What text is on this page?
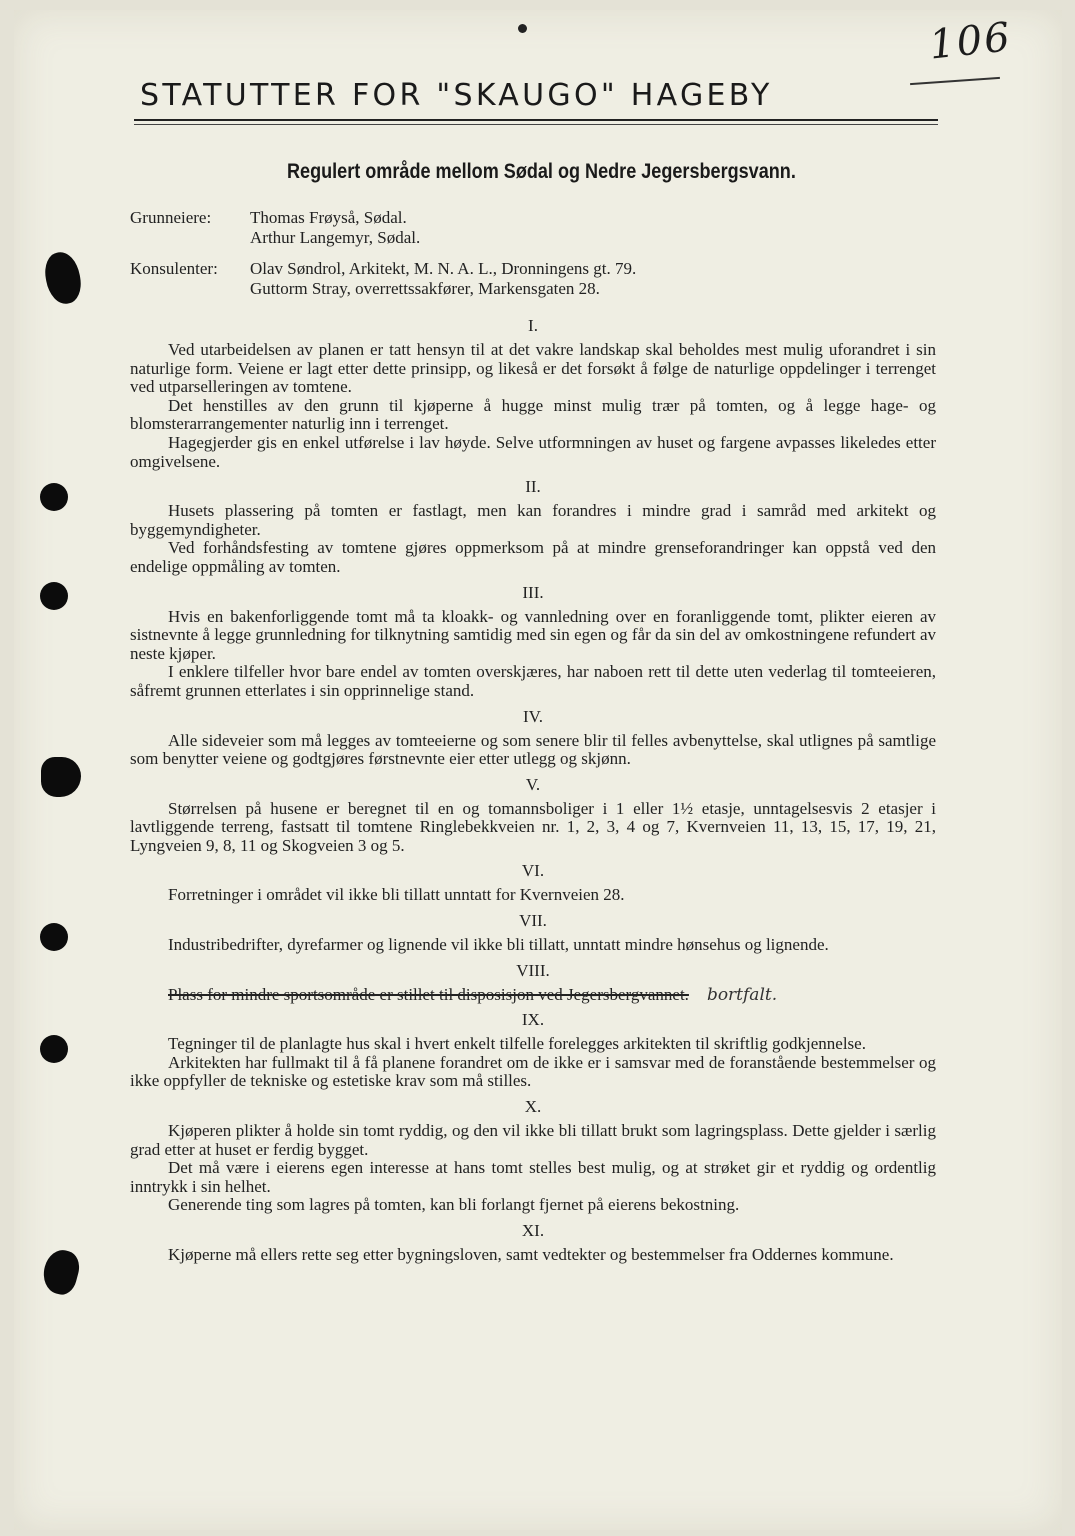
106
STATUTTER FOR "SKAUGO" HAGEBY
Regulert område mellom Sødal og Nedre Jegersbergsvann.
Grunneiere: Thomas Frøyså, Sødal.
Arthur Langemyr, Sødal.
Konsulenter: Olav Søndrol, Arkitekt, M. N. A. L., Dronningens gt. 79.
Guttorm Stray, overrettssakfører, Markensgaten 28.
I.

Ved utarbeidelsen av planen er tatt hensyn til at det vakre landskap skal beholdes mest mulig uforandret i sin naturlige form. Veiene er lagt etter dette prinsipp, og likeså er det forsøkt å følge de naturlige oppdelinger i terrenget ved utparselleringen av tomtene.

Det henstilles av den grunn til kjøperne å hugge minst mulig trær på tomten, og å legge hage- og blomsterarrangementer naturlig inn i terrenget.

Hagegjerder gis en enkel utførelse i lav høyde. Selve utformningen av huset og fargene avpasses likeledes etter omgivelsene.

II.

Husets plassering på tomten er fastlagt, men kan forandres i mindre grad i samråd med arkitekt og byggemyndigheter.

Ved forhåndsfesting av tomtene gjøres oppmerksom på at mindre grenseforandringer kan oppstå ved den endelige oppmåling av tomten.

III.

Hvis en bakenforliggende tomt må ta kloakk- og vannledning over en foranliggende tomt, plikter eieren av sistnevnte å legge grunnledning for tilknytning samtidig med sin egen og får da sin del av omkostningene refundert av neste kjøper.

I enklere tilfeller hvor bare endel av tomten overskjæres, har naboen rett til dette uten vederlag til tomteeieren, såfremt grunnen etterlates i sin opprinnelige stand.

IV.

Alle sideveier som må legges av tomteeierne og som senere blir til felles avbenyttelse, skal utlignes på samtlige som benytter veiene og godtgjøres førstnevnte eier etter utlegg og skjønn.

V.

Størrelsen på husene er beregnet til en og tomannsboliger i 1 eller 1½ etasje, unntagelsesvis 2 etasjer i lavtliggende terreng, fastsatt til tomtene Ringlebekkveien nr. 1, 2, 3, 4 og 7, Kvernveien 11, 13, 15, 17, 19, 21, Lyngveien 9, 8, 11 og Skogveien 3 og 5.

VI.

Forretninger i området vil ikke bli tillatt unntatt for Kvernveien 28.

VII.

Industribedrifter, dyrefarmer og lignende vil ikke bli tillatt, unntatt mindre hønsehus og lignende.

VIII.

Plass for mindre sportsområde er stillet til disposisjon ved Jegersbergvannet. bortfalt.

IX.

Tegninger til de planlagte hus skal i hvert enkelt tilfelle forelegges arkitekten til skriftlig godkjennelse.

Arkitekten har fullmakt til å få planene forandret om de ikke er i samsvar med de foranstående bestemmelser og ikke oppfyller de tekniske og estetiske krav som må stilles.

X.

Kjøperen plikter å holde sin tomt ryddig, og den vil ikke bli tillatt brukt som lagringsplass. Dette gjelder i særlig grad etter at huset er ferdig bygget.

Det må være i eierens egen interesse at hans tomt stelles best mulig, og at strøket gir et ryddig og ordentlig inntrykk i sin helhet.

Generende ting som lagres på tomten, kan bli forlangt fjernet på eierens bekostning.

XI.

Kjøperne må ellers rette seg etter bygningsloven, samt vedtekter og bestemmelser fra Oddernes kommune.
